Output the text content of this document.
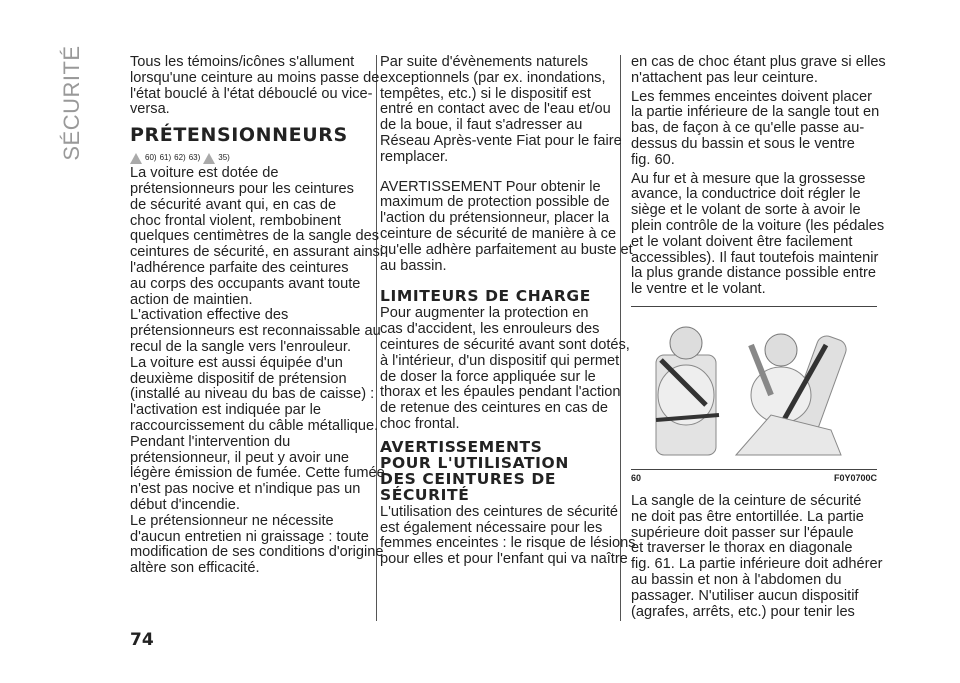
SÉCURITÉ	Tous les témoins/icônes s'allument
lorsqu'une ceinture au moins passe de
l'état bouclé à l'état débouclé ou vice-
versa.
PRÉTENSIONNEURS
60) 61) 62) 63) 35)
La voiture est dotée de
prétensionneurs pour les ceintures
de sécurité avant qui, en cas de
choc frontal violent, rembobinent
quelques centimètres de la sangle des
ceintures de sécurité, en assurant ainsi
l'adhérence parfaite des ceintures
au corps des occupants avant toute
action de maintien.
L'activation effective des
prétensionneurs est reconnaissable au
recul de la sangle vers l'enrouleur.
La voiture est aussi équipée d'un
deuxième dispositif de prétension
(installé au niveau du bas de caisse) :
l'activation est indiquée par le
raccourcissement du câble métallique.
Pendant l'intervention du
prétensionneur, il peut y avoir une
légère émission de fumée. Cette fumée
n'est pas nocive et n'indique pas un
début d'incendie.
Le prétensionneur ne nécessite
d'aucun entretien ni graissage : toute
modification de ses conditions d'origine
altère son efficacité.
Par suite d'évènements naturels
exceptionnels (par ex. inondations,
tempêtes, etc.) si le dispositif est
entré en contact avec de l'eau et/ou
de la boue, il faut s'adresser au
Réseau Après-vente Fiat pour le faire
remplacer.
AVERTISSEMENT Pour obtenir le
maximum de protection possible de
l'action du prétensionneur, placer la
ceinture de sécurité de manière à ce
qu'elle adhère parfaitement au buste et
au bassin.
LIMITEURS DE CHARGE
Pour augmenter la protection en
cas d'accident, les enrouleurs des
ceintures de sécurité avant sont dotés,
à l'intérieur, d'un dispositif qui permet
de doser la force appliquée sur le
thorax et les épaules pendant l'action
de retenue des ceintures en cas de
choc frontal.
AVERTISSEMENTS
POUR L'UTILISATION
DES CEINTURES DE
SÉCURITÉ
L'utilisation des ceintures de sécurité
est également nécessaire pour les
femmes enceintes : le risque de lésions
pour elles et pour l'enfant qui va naître
en cas de choc étant plus grave si elles
n'attachent pas leur ceinture.
Les femmes enceintes doivent placer
la partie inférieure de la sangle tout en
bas, de façon à ce qu'elle passe au-
dessus du bassin et sous le ventre
fig. 60.
Au fur et à mesure que la grossesse
avance, la conductrice doit régler le
siège et le volant de sorte à avoir le
plein contrôle de la voiture (les pédales
et le volant doivent être facilement
accessibles). Il faut toutefois maintenir
la plus grande distance possible entre
le ventre et le volant.
60	F0Y0700C
La sangle de la ceinture de sécurité
ne doit pas être entortillée. La partie
supérieure doit passer sur l'épaule
et traverser le thorax en diagonale
fig. 61. La partie inférieure doit adhérer
au bassin et non à l'abdomen du
passager. N'utiliser aucun dispositif
(agrafes, arrêts, etc.) pour tenir les
74
